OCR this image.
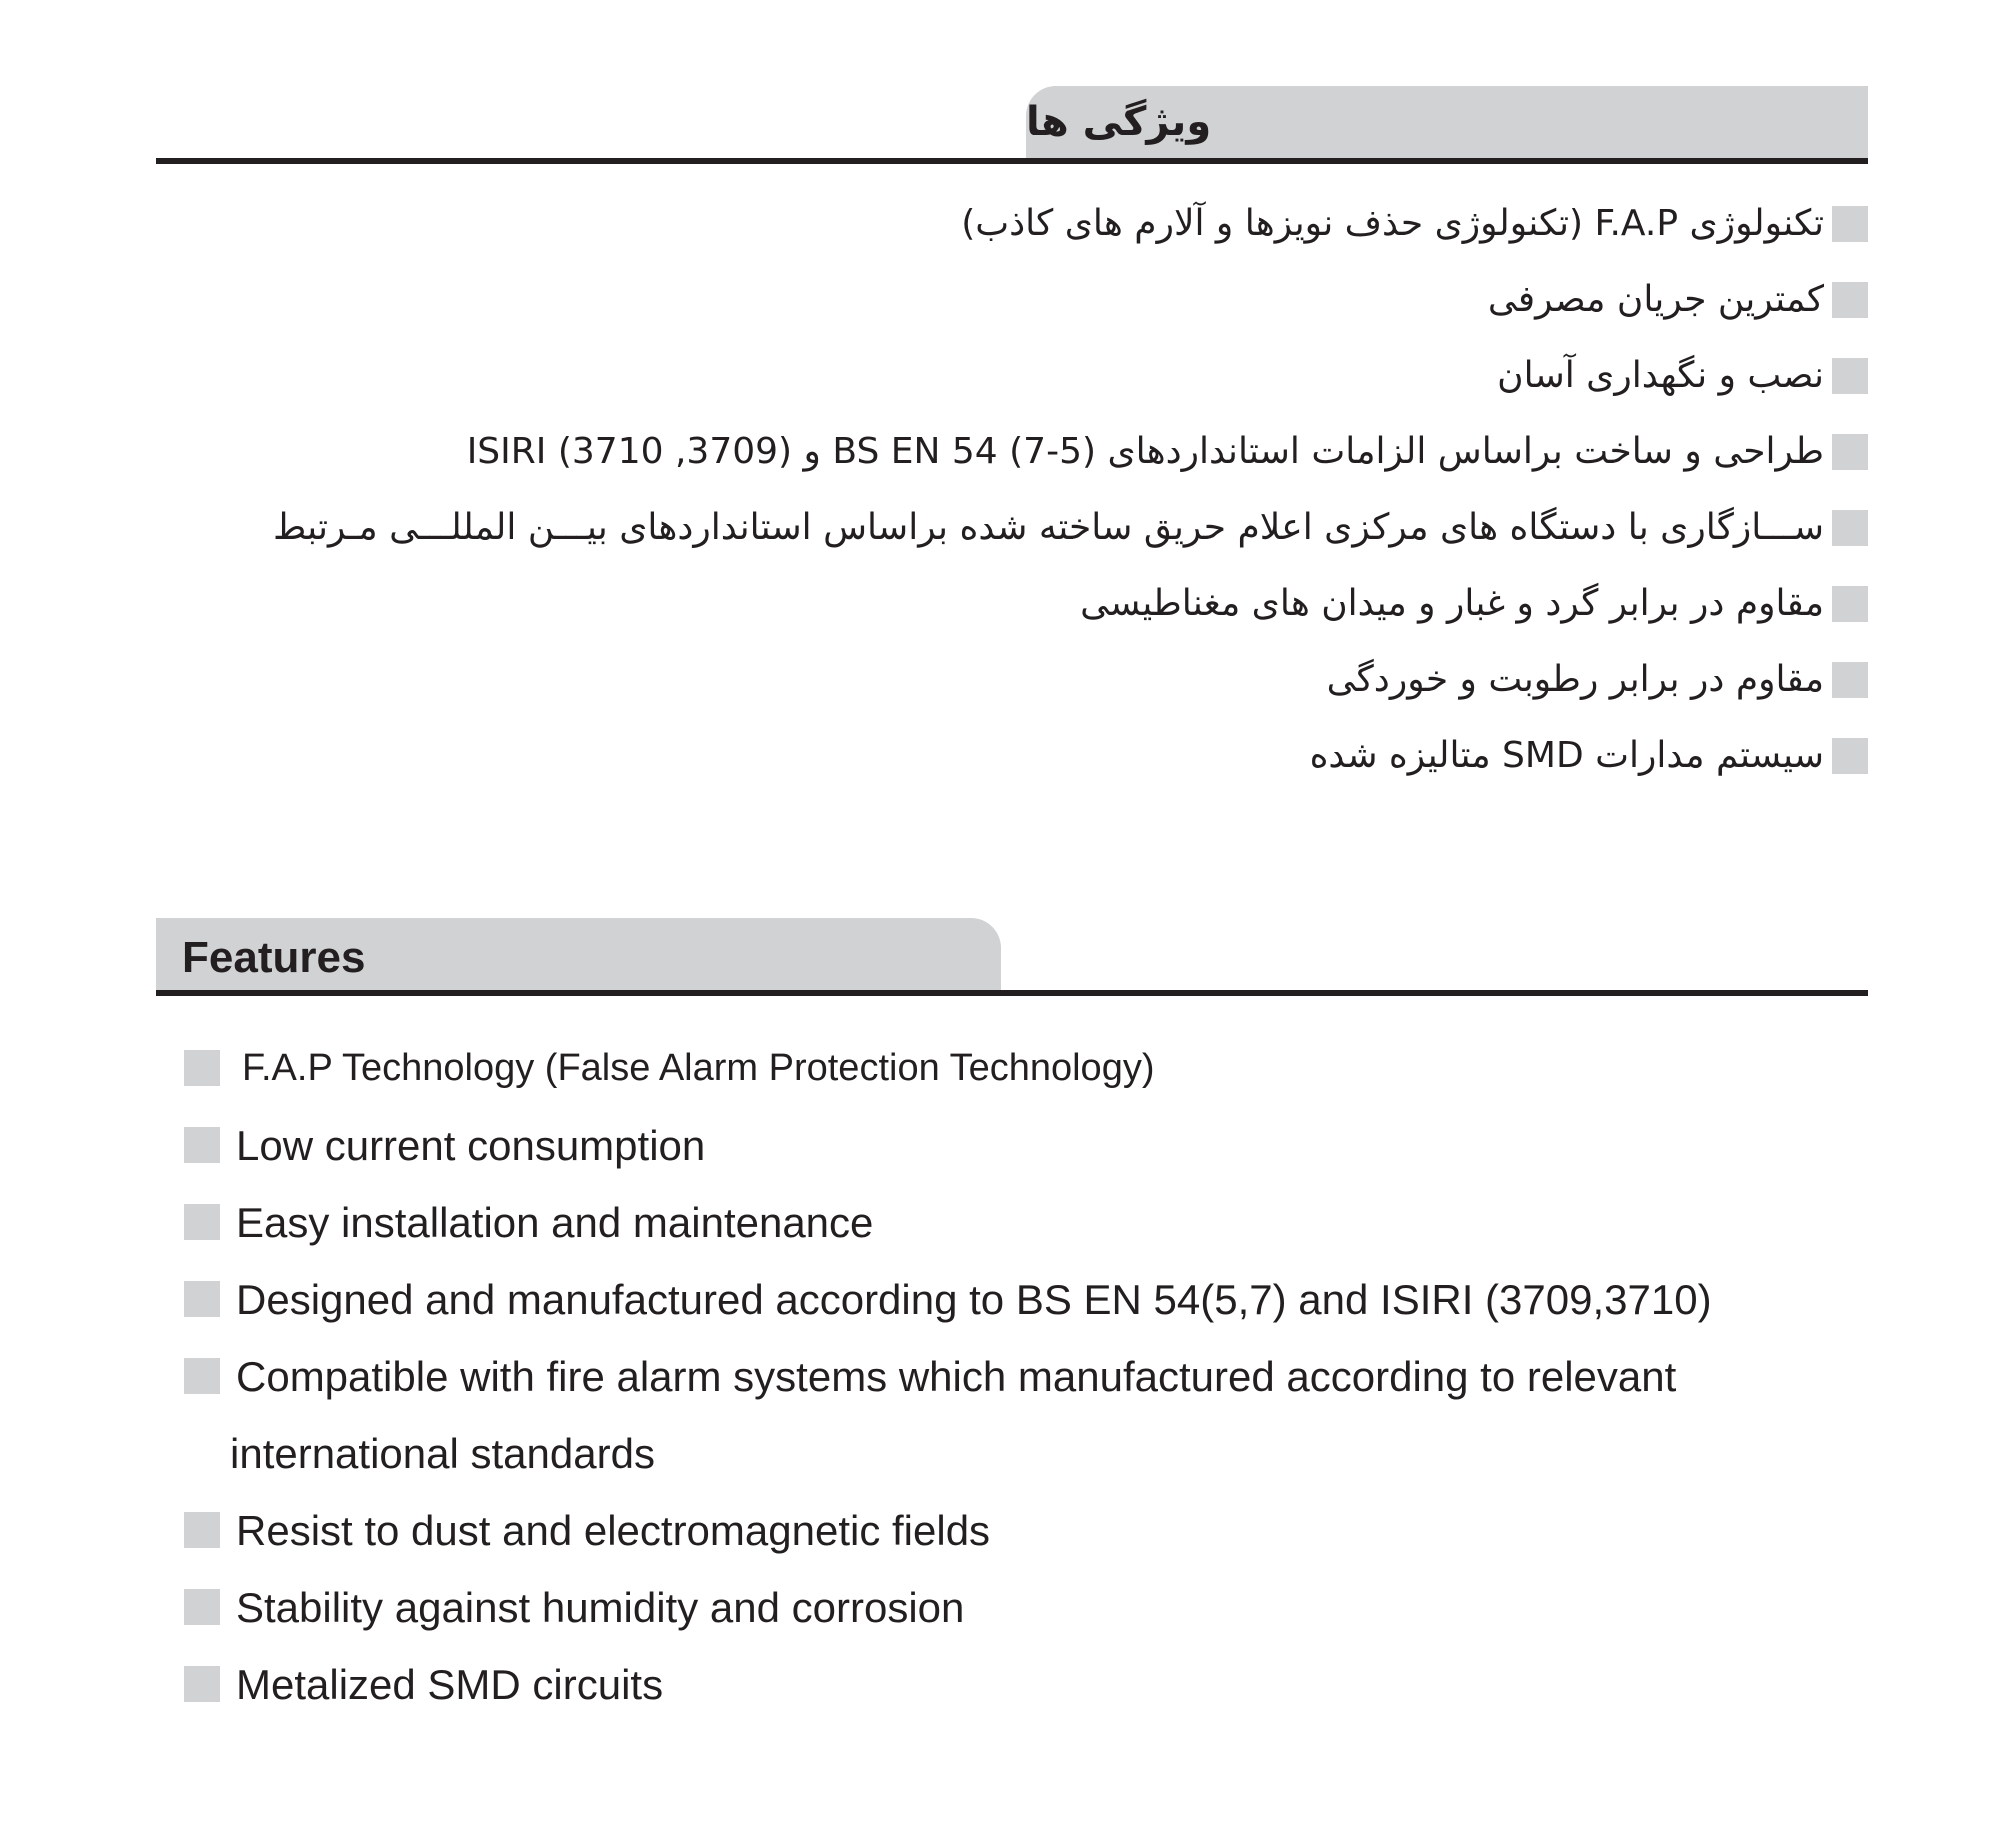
ویژگی ها
تکنولوژی F.A.P (تکنولوژی حذف نویزها و آلارم های کاذب)
کمترین جریان مصرفی
نصب و نگهداری آسان
طراحی و ساخت براساس الزامات استانداردهای (5-7) BS EN 54 و (3709, 3710) ISIRI
ســـازگاری با دستگاه های مرکزی اعلام حریق ساخته شده براساس استانداردهای بیـــن المللـــی مـرتبط
مقاوم در برابر گرد و غبار و میدان های مغناطیسی
مقاوم در برابر رطوبت و خوردگی
سیستم مدارات SMD متالیزه شده
Features
F.A.P Technology (False Alarm Protection Technology)
Low current consumption
Easy installation and maintenance
Designed and manufactured according to BS EN 54(5,7) and ISIRI (3709,3710)
Compatible with fire alarm systems which manufactured according to relevant
international standards
Resist to dust and electromagnetic fields
Stability against humidity and corrosion
Metalized SMD circuits
